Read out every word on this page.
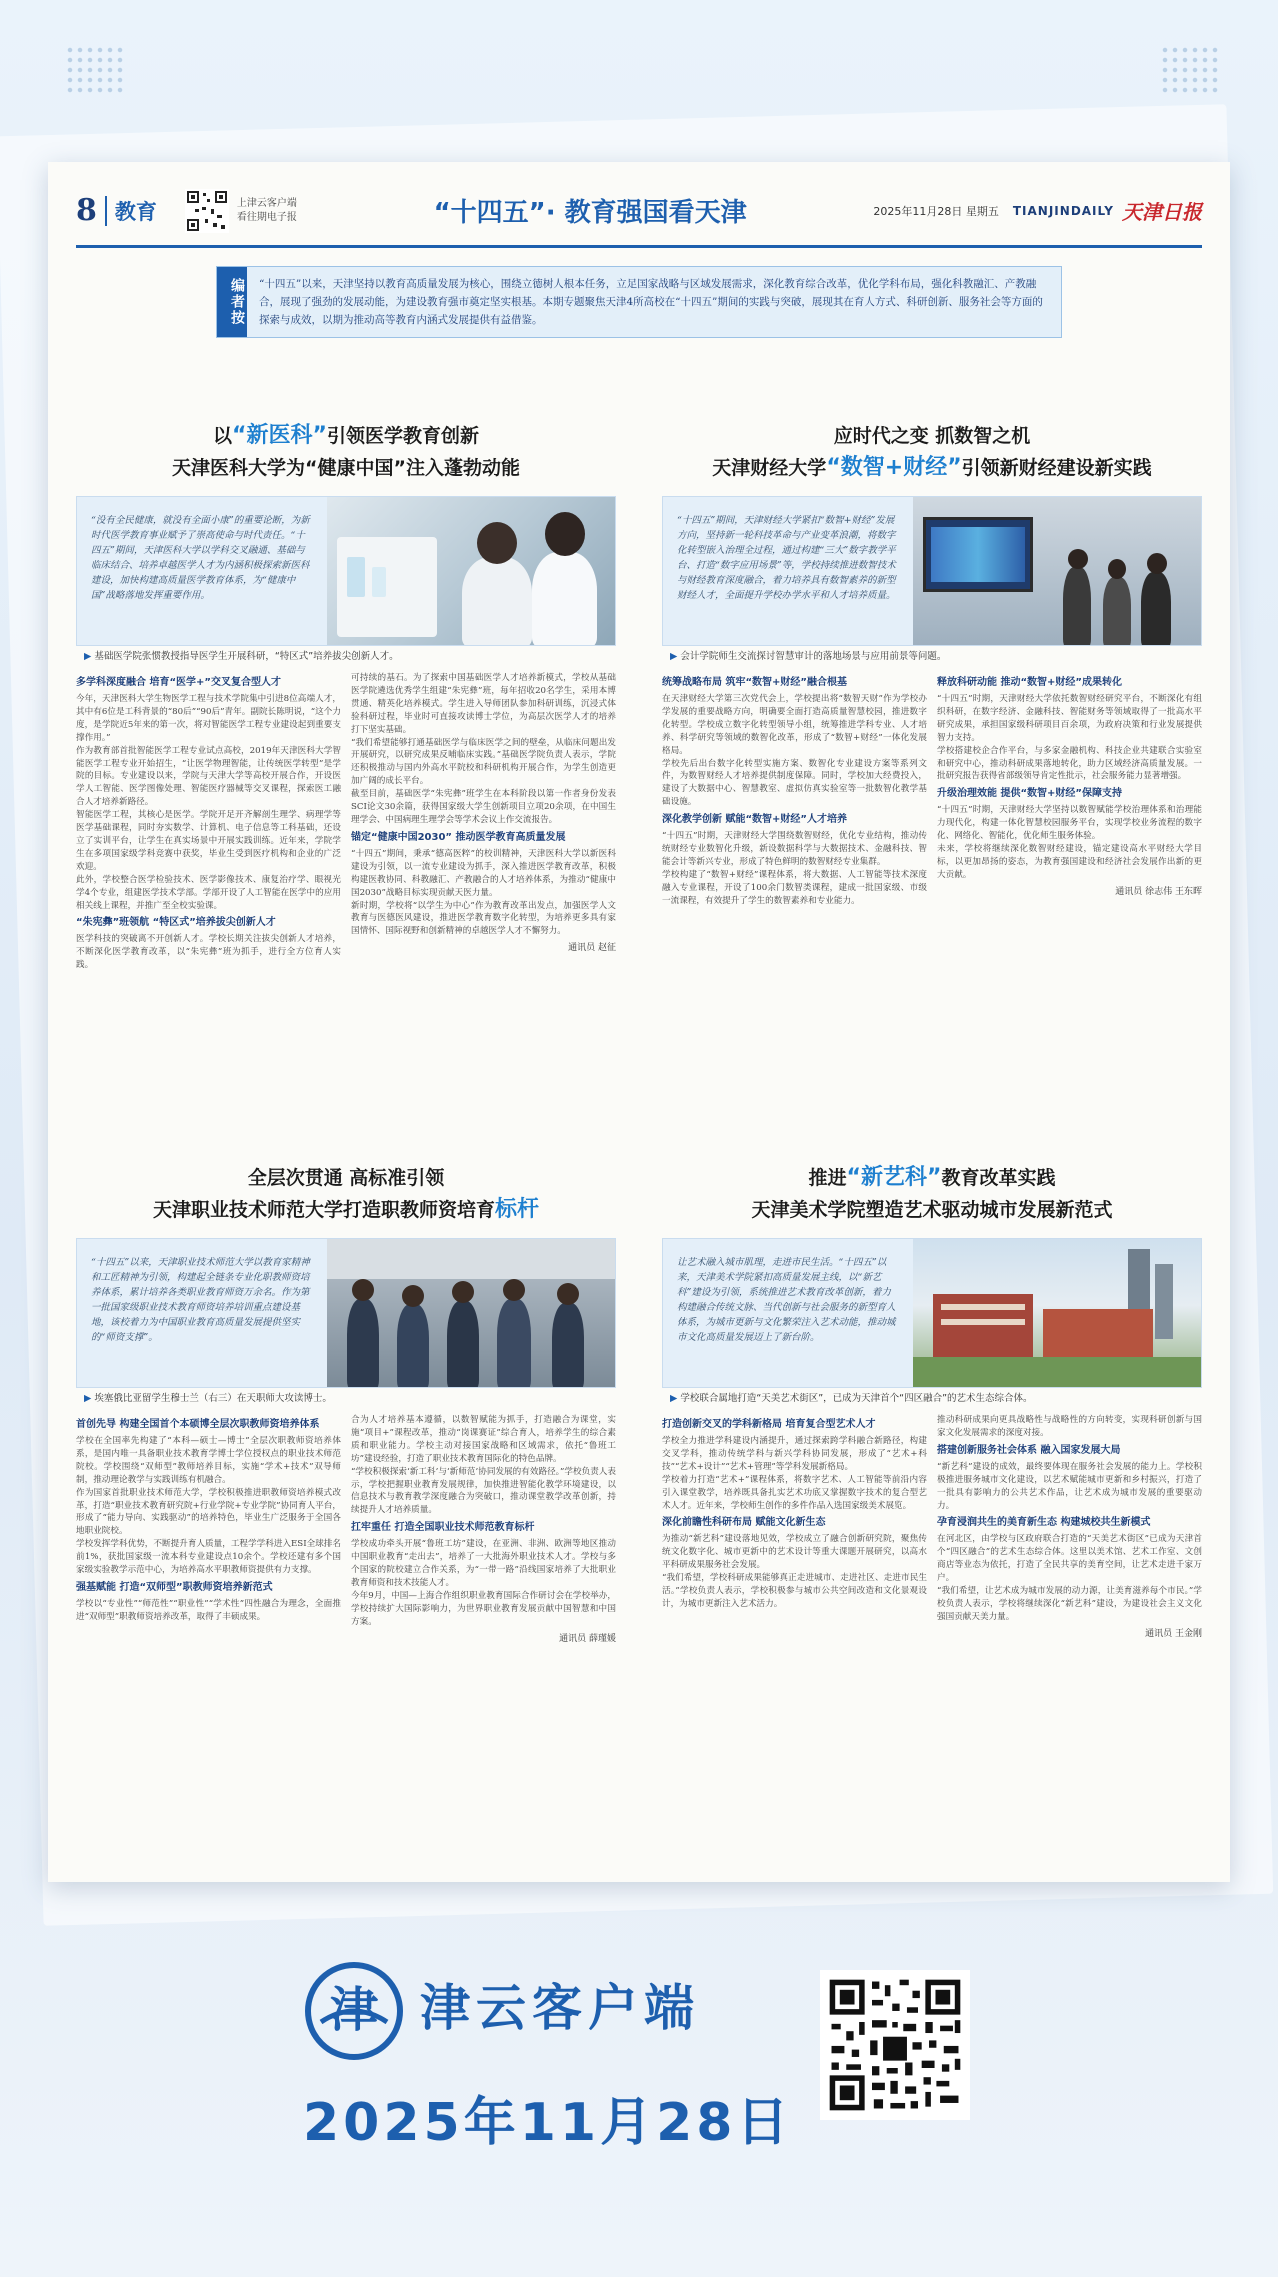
8 教育	上津云客户端
看往期电子报	“十四五”· 教育强国看天津	2025年11月28日 星期五 TIANJINDAILY 天津日报
编者按	“十四五”以来，天津坚持以教育高质量发展为核心，围绕立德树人根本任务，立足国家战略与区域发展需求，深化教育综合改革，优化学科布局，强化科教融汇、产教融合，展现了强劲的发展动能，为建设教育强市奠定坚实根基。本期专题聚焦天津4所高校在“十四五”期间的实践与突破，展现其在育人方式、科研创新、服务社会等方面的探索与成效，以期为推动高等教育内涵式发展提供有益借鉴。
以“新医科”引领医学教育创新
天津医科大学为“健康中国”注入蓬勃动能
“没有全民健康，就没有全面小康”的重要论断，为新时代医学教育事业赋予了崇高使命与时代责任。“十四五”期间，天津医科大学以学科交叉融通、基础与临床结合、培养卓越医学人才为内涵积极探索新医科建设，加快构建高质量医学教育体系，为“健康中国”战略落地发挥重要作用。
▶ 基础医学院张惯教授指导医学生开展科研，“特区式”培养拔尖创新人才。
多学科深度融合 培育“医学+”交叉复合型人才

今年，天津医科大学生物医学工程与技术学院集中引进8位高端人才，其中有6位是工科背景的“80后”“90后”青年。副院长陈明说，“这个力度，是学院近5年来的第一次，将对智能医学工程专业建设起到重要支撑作用。”

作为教育部首批智能医学工程专业试点高校，2019年天津医科大学智能医学工程专业开始招生，“让医学物理智能，让传统医学转型”是学院的目标。专业建设以来，学院与天津大学等高校开展合作，开设医学人工智能、医学图像处理、智能医疗器械等交叉课程，探索医工融合人才培养新路径。

智能医学工程，其核心是医学。学院开足开齐解剖生理学、病理学等医学基础课程，同时夯实数学、计算机、电子信息等工科基础，还设立了实训平台，让学生在真实场景中开展实践训练。近年来，学院学生在多项国家级学科竞赛中获奖，毕业生受到医疗机构和企业的广泛欢迎。

此外，学校整合医学检验技术、医学影像技术、康复治疗学、眼视光学4个专业，组建医学技术学部。学部开设了人工智能在医学中的应用相关线上课程，并推广至全校实验课。

“朱宪彝”班领航 “特区式”培养拔尖创新人才

医学科技的突破离不开创新人才。学校长期关注拔尖创新人才培养，不断深化医学教育改革，以“朱宪彝”班为抓手，进行全方位育人实践。

可持续的基石。为了探索中国基础医学人才培养新模式，学校从基础医学院遴选优秀学生组建“朱宪彝”班，每年招收20名学生，采用本博贯通、精英化培养模式。学生进入导师团队参加科研训练，沉浸式体验科研过程，毕业时可直接攻读博士学位，为高层次医学人才的培养打下坚实基础。

“我们希望能够打通基础医学与临床医学之间的壁垒，从临床问题出发开展研究，以研究成果反哺临床实践。”基础医学院负责人表示，学院还积极推动与国内外高水平院校和科研机构开展合作，为学生创造更加广阔的成长平台。

截至目前，基础医学“朱宪彝”班学生在本科阶段以第一作者身份发表SCI论文30余篇，获得国家级大学生创新项目立项20余项，在中国生理学会、中国病理生理学会等学术会议上作交流报告。

锚定“健康中国2030” 推动医学教育高质量发展

“十四五”期间，秉承“德高医粹”的校训精神，天津医科大学以新医科建设为引领，以一流专业建设为抓手，深入推进医学教育改革，积极构建医教协同、科教融汇、产教融合的人才培养体系，为推动“健康中国2030”战略目标实现贡献天医力量。

新时期，学校将“以学生为中心”作为教育改革出发点，加强医学人文教育与医德医风建设，推进医学教育数字化转型，为培养更多具有家国情怀、国际视野和创新精神的卓越医学人才不懈努力。

通讯员 赵征
应时代之变 抓数智之机
天津财经大学“数智+财经”引领新财经建设新实践
“十四五”期间，天津财经大学紧扣“数智+财经”发展方向，坚持新一轮科技革命与产业变革浪潮，将数字化转型嵌入治理全过程，通过构建“三大”数字教学平台、打造“数字应用场景”等，学校持续推进数智技术与财经教育深度融合，着力培养具有数智素养的新型财经人才，全面提升学校办学水平和人才培养质量。
▶ 会计学院师生交流探讨智慧审计的落地场景与应用前景等问题。
统筹战略布局 筑牢“数智+财经”融合根基

在天津财经大学第三次党代会上，学校提出将“数智天财”作为学校办学发展的重要战略方向，明确要全面打造高质量智慧校园，推进数字化转型。学校成立数字化转型领导小组，统筹推进学科专业、人才培养、科学研究等领域的数智化改革，形成了“数智+财经”一体化发展格局。

学校先后出台数字化转型实施方案、数智化专业建设方案等系列文件，为数智财经人才培养提供制度保障。同时，学校加大经费投入，建设了大数据中心、智慧教室、虚拟仿真实验室等一批数智化教学基础设施。

深化教学创新 赋能“数智+财经”人才培养

“十四五”时期，天津财经大学围绕数智财经，优化专业结构，推动传统财经专业数智化升级，新设数据科学与大数据技术、金融科技、智能会计等新兴专业，形成了特色鲜明的数智财经专业集群。

学校构建了“数智+财经”课程体系，将大数据、人工智能等技术深度融入专业课程，开设了100余门数智类课程，建成一批国家级、市级一流课程，有效提升了学生的数智素养和专业能力。

释放科研动能 推动“数智+财经”成果转化

“十四五”时期，天津财经大学依托数智财经研究平台，不断深化有组织科研，在数字经济、金融科技、智能财务等领域取得了一批高水平研究成果，承担国家级科研项目百余项，为政府决策和行业发展提供智力支持。

学校搭建校企合作平台，与多家金融机构、科技企业共建联合实验室和研究中心，推动科研成果落地转化，助力区域经济高质量发展。一批研究报告获得省部级领导肯定性批示，社会服务能力显著增强。

升级治理效能 提供“数智+财经”保障支持

“十四五”时期，天津财经大学坚持以数智赋能学校治理体系和治理能力现代化，构建一体化智慧校园服务平台，实现学校业务流程的数字化、网络化、智能化，优化师生服务体验。

未来，学校将继续深化数智财经建设，锚定建设高水平财经大学目标，以更加昂扬的姿态，为教育强国建设和经济社会发展作出新的更大贡献。

通讯员 徐志伟 王东晖
全层次贯通 高标准引领
天津职业技术师范大学打造职教师资培育标杆
“十四五”以来，天津职业技术师范大学以教育家精神和工匠精神为引领，构建起全链条专业化职教师资培养体系，累计培养各类职业教育师资万余名。作为第一批国家级职业技术教育师资培养培训重点建设基地，该校着力为中国职业教育高质量发展提供坚实的“师资支撑”。
▶ 埃塞俄比亚留学生穆士兰（右三）在天职师大攻读博士。
首创先导 构建全国首个本硕博全层次职教师资培养体系

学校在全国率先构建了“本科—硕士—博士”全层次职教师资培养体系，是国内唯一具备职业技术教育学博士学位授权点的职业技术师范院校。学校围绕“双师型”教师培养目标，实施“学术+技术”双导师制，推动理论教学与实践训练有机融合。

作为国家首批职业技术师范大学，学校积极推进职教师资培养模式改革，打造“职业技术教育研究院+行业学院+专业学院”协同育人平台，形成了“能力导向、实践驱动”的培养特色，毕业生广泛服务于全国各地职业院校。

学校发挥学科优势，不断提升育人质量，工程学学科进入ESI全球排名前1%，获批国家级一流本科专业建设点10余个。学校还建有多个国家级实验教学示范中心，为培养高水平职教师资提供有力支撑。

强基赋能 打造“双师型”职教师资培养新范式

学校以“专业性”“师范性”“职业性”“学术性”四性融合为理念，全面推进“双师型”职教师资培养改革，取得了丰硕成果。

合为人才培养基本遵循，以数智赋能为抓手，打造融合为课堂，实施“项目+”课程改革，推动“岗课赛证”综合育人，培养学生的综合素质和职业能力。学校主动对接国家战略和区域需求，依托“鲁班工坊”建设经验，打造了职业技术教育国际化的特色品牌。

“学校积极探索‘新工科’与‘新师范’协同发展的有效路径。”学校负责人表示，学校把握职业教育发展规律，加快推进智能化教学环境建设，以信息技术与教育教学深度融合为突破口，推动课堂教学改革创新，持续提升人才培养质量。

扛牢重任 打造全国职业技术师范教育标杆

学校成功牵头开展“鲁班工坊”建设，在亚洲、非洲、欧洲等地区推动中国职业教育“走出去”，培养了一大批海外职业技术人才。学校与多个国家的院校建立合作关系，为“一带一路”沿线国家培养了大批职业教育师资和技术技能人才。

今年9月，中国—上海合作组织职业教育国际合作研讨会在学校举办，学校持续扩大国际影响力，为世界职业教育发展贡献中国智慧和中国方案。

通讯员 薛瑾媛
推进“新艺科”教育改革实践
天津美术学院塑造艺术驱动城市发展新范式
让艺术融入城市肌理，走进市民生活。“十四五”以来，天津美术学院紧扣高质量发展主线，以“新艺科”建设为引领，系统推进艺术教育改革创新，着力构建融合传统文脉、当代创新与社会服务的新型育人体系，为城市更新与文化繁荣注入艺术动能，推动城市文化高质量发展迈上了新台阶。
▶ 学校联合属地打造“天美艺术街区”，已成为天津首个“四区融合”的艺术生态综合体。
打造创新交叉的学科新格局 培育复合型艺术人才

学校全力推进学科建设内涵提升，通过探索跨学科融合新路径，构建交叉学科，推动传统学科与新兴学科协同发展，形成了“艺术+科技”“艺术+设计”“艺术+管理”等学科发展新格局。

学校着力打造“艺术+”课程体系，将数字艺术、人工智能等前沿内容引入课堂教学，培养既具备扎实艺术功底又掌握数字技术的复合型艺术人才。近年来，学校师生创作的多件作品入选国家级美术展览。

深化前瞻性科研布局 赋能文化新生态

为推动“新艺科”建设落地见效，学校成立了融合创新研究院，聚焦传统文化数字化、城市更新中的艺术设计等重大课题开展研究，以高水平科研成果服务社会发展。

“我们希望，学校科研成果能够真正走进城市、走进社区、走进市民生活。”学校负责人表示，学校积极参与城市公共空间改造和文化景观设计，为城市更新注入艺术活力。

推动科研成果向更具战略性与战略性的方向转变，实现科研创新与国家文化发展需求的深度对接。

搭建创新服务社会体系 融入国家发展大局

“新艺科”建设的成效，最终要体现在服务社会发展的能力上。学校积极推进服务城市文化建设，以艺术赋能城市更新和乡村振兴，打造了一批具有影响力的公共艺术作品，让艺术成为城市发展的重要驱动力。

孕育浸润共生的美育新生态 构建城校共生新模式

在河北区，由学校与区政府联合打造的“天美艺术街区”已成为天津首个“四区融合”的艺术生态综合体。这里以美术馆、艺术工作室、文创商店等业态为依托，打造了全民共享的美育空间，让艺术走进千家万户。

“我们希望，让艺术成为城市发展的动力源，让美育滋养每个市民。”学校负责人表示，学校将继续深化“新艺科”建设，为建设社会主义文化强国贡献天美力量。

通讯员 王金刚
津 津云客户端
2025年11月28日
